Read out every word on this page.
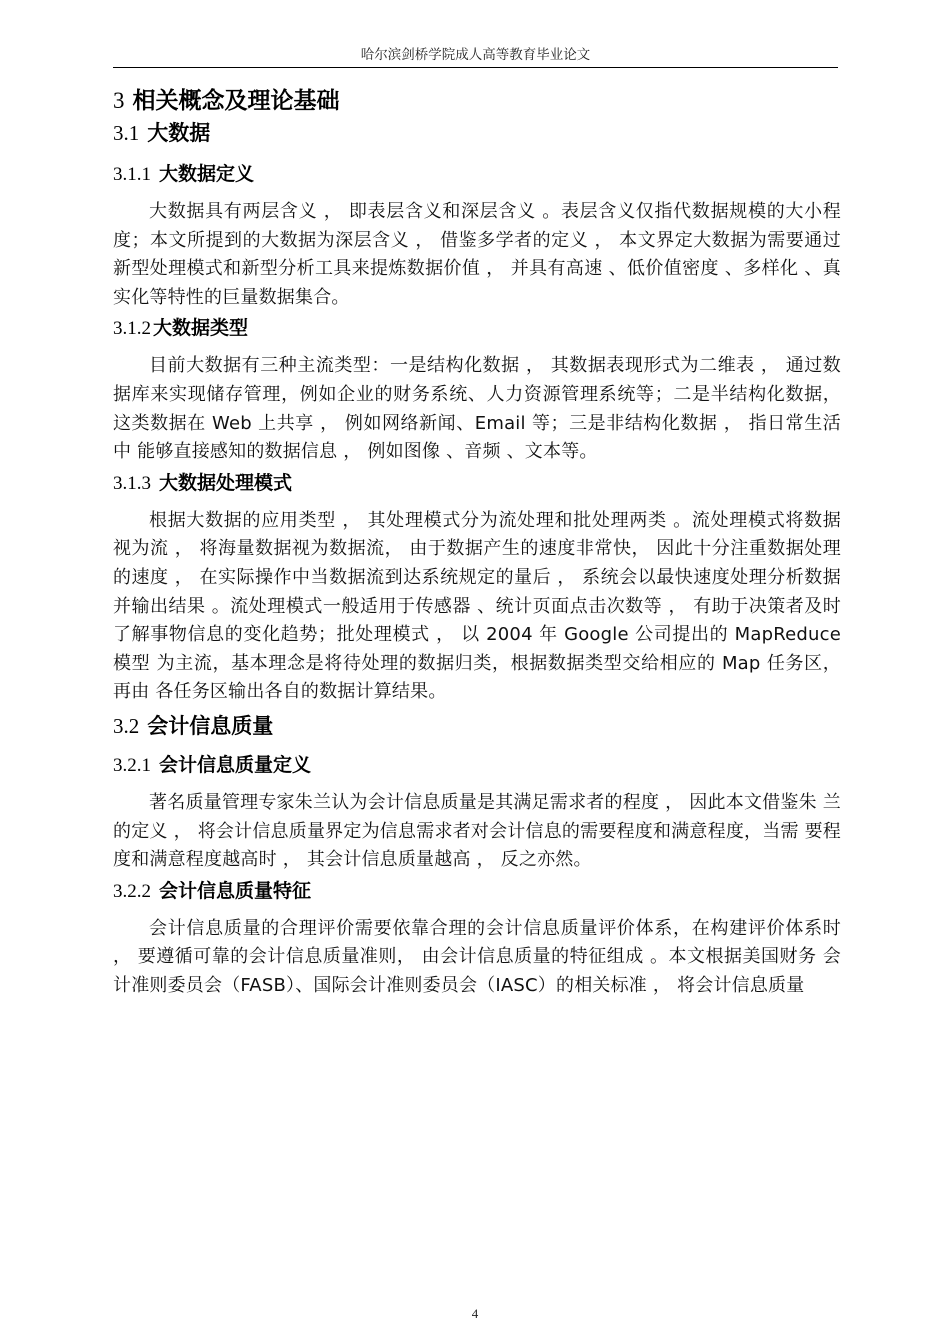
哈尔滨剑桥学院成人高等教育毕业论文
3 相关概念及理论基础
3.1 大数据
3.1.1 大数据定义

大数据具有两层含义 ， 即表层含义和深层含义 。表层含义仅指代数据规模的大小程 度；本文所提到的大数据为深层含义 ， 借鉴多学者的定义 ， 本文界定大数据为需要通过 新型处理模式和新型分析工具来提炼数据价值 ， 并具有高速 、低价值密度 、多样化 、真 实化等特性的巨量数据集合。

3.1.2 大数据类型

目前大数据有三种主流类型：一是结构化数据 ， 其数据表现形式为二维表 ， 通过数 据库来实现储存管理，例如企业的财务系统、人力资源管理系统等；二是半结构化数据， 这类数据在 Web 上共享 ， 例如网络新闻、Email 等；三是非结构化数据 ， 指日常生活中 能够直接感知的数据信息 ， 例如图像 、音频 、文本等。

3.1.3 大数据处理模式

根据大数据的应用类型 ， 其处理模式分为流处理和批处理两类 。流处理模式将数据 视为流 ， 将海量数据视为数据流， 由于数据产生的速度非常快， 因此十分注重数据处理 的速度 ， 在实际操作中当数据流到达系统规定的量后 ， 系统会以最快速度处理分析数据 并输出结果 。流处理模式一般适用于传感器 、统计页面点击次数等 ， 有助于决策者及时 了解事物信息的变化趋势；批处理模式 ， 以 2004 年 Google 公司提出的 MapReduce 模型 为主流，基本理念是将待处理的数据归类，根据数据类型交给相应的 Map 任务区，再由 各任务区输出各自的数据计算结果。

3.2 会计信息质量
3.2.1 会计信息质量定义

著名质量管理专家朱兰认为会计信息质量是其满足需求者的程度 ， 因此本文借鉴朱 兰的定义 ， 将会计信息质量界定为信息需求者对会计信息的需要程度和满意程度，当需 要程度和满意程度越高时 ， 其会计信息质量越高 ， 反之亦然。

3.2.2 会计信息质量特征

会计信息质量的合理评价需要依靠合理的会计信息质量评价体系，在构建评价体系时 ， 要遵循可靠的会计信息质量准则， 由会计信息质量的特征组成 。本文根据美国财务 会计准则委员会（FASB）、国际会计准则委员会（IASC）的相关标准 ， 将会计信息质量

4
